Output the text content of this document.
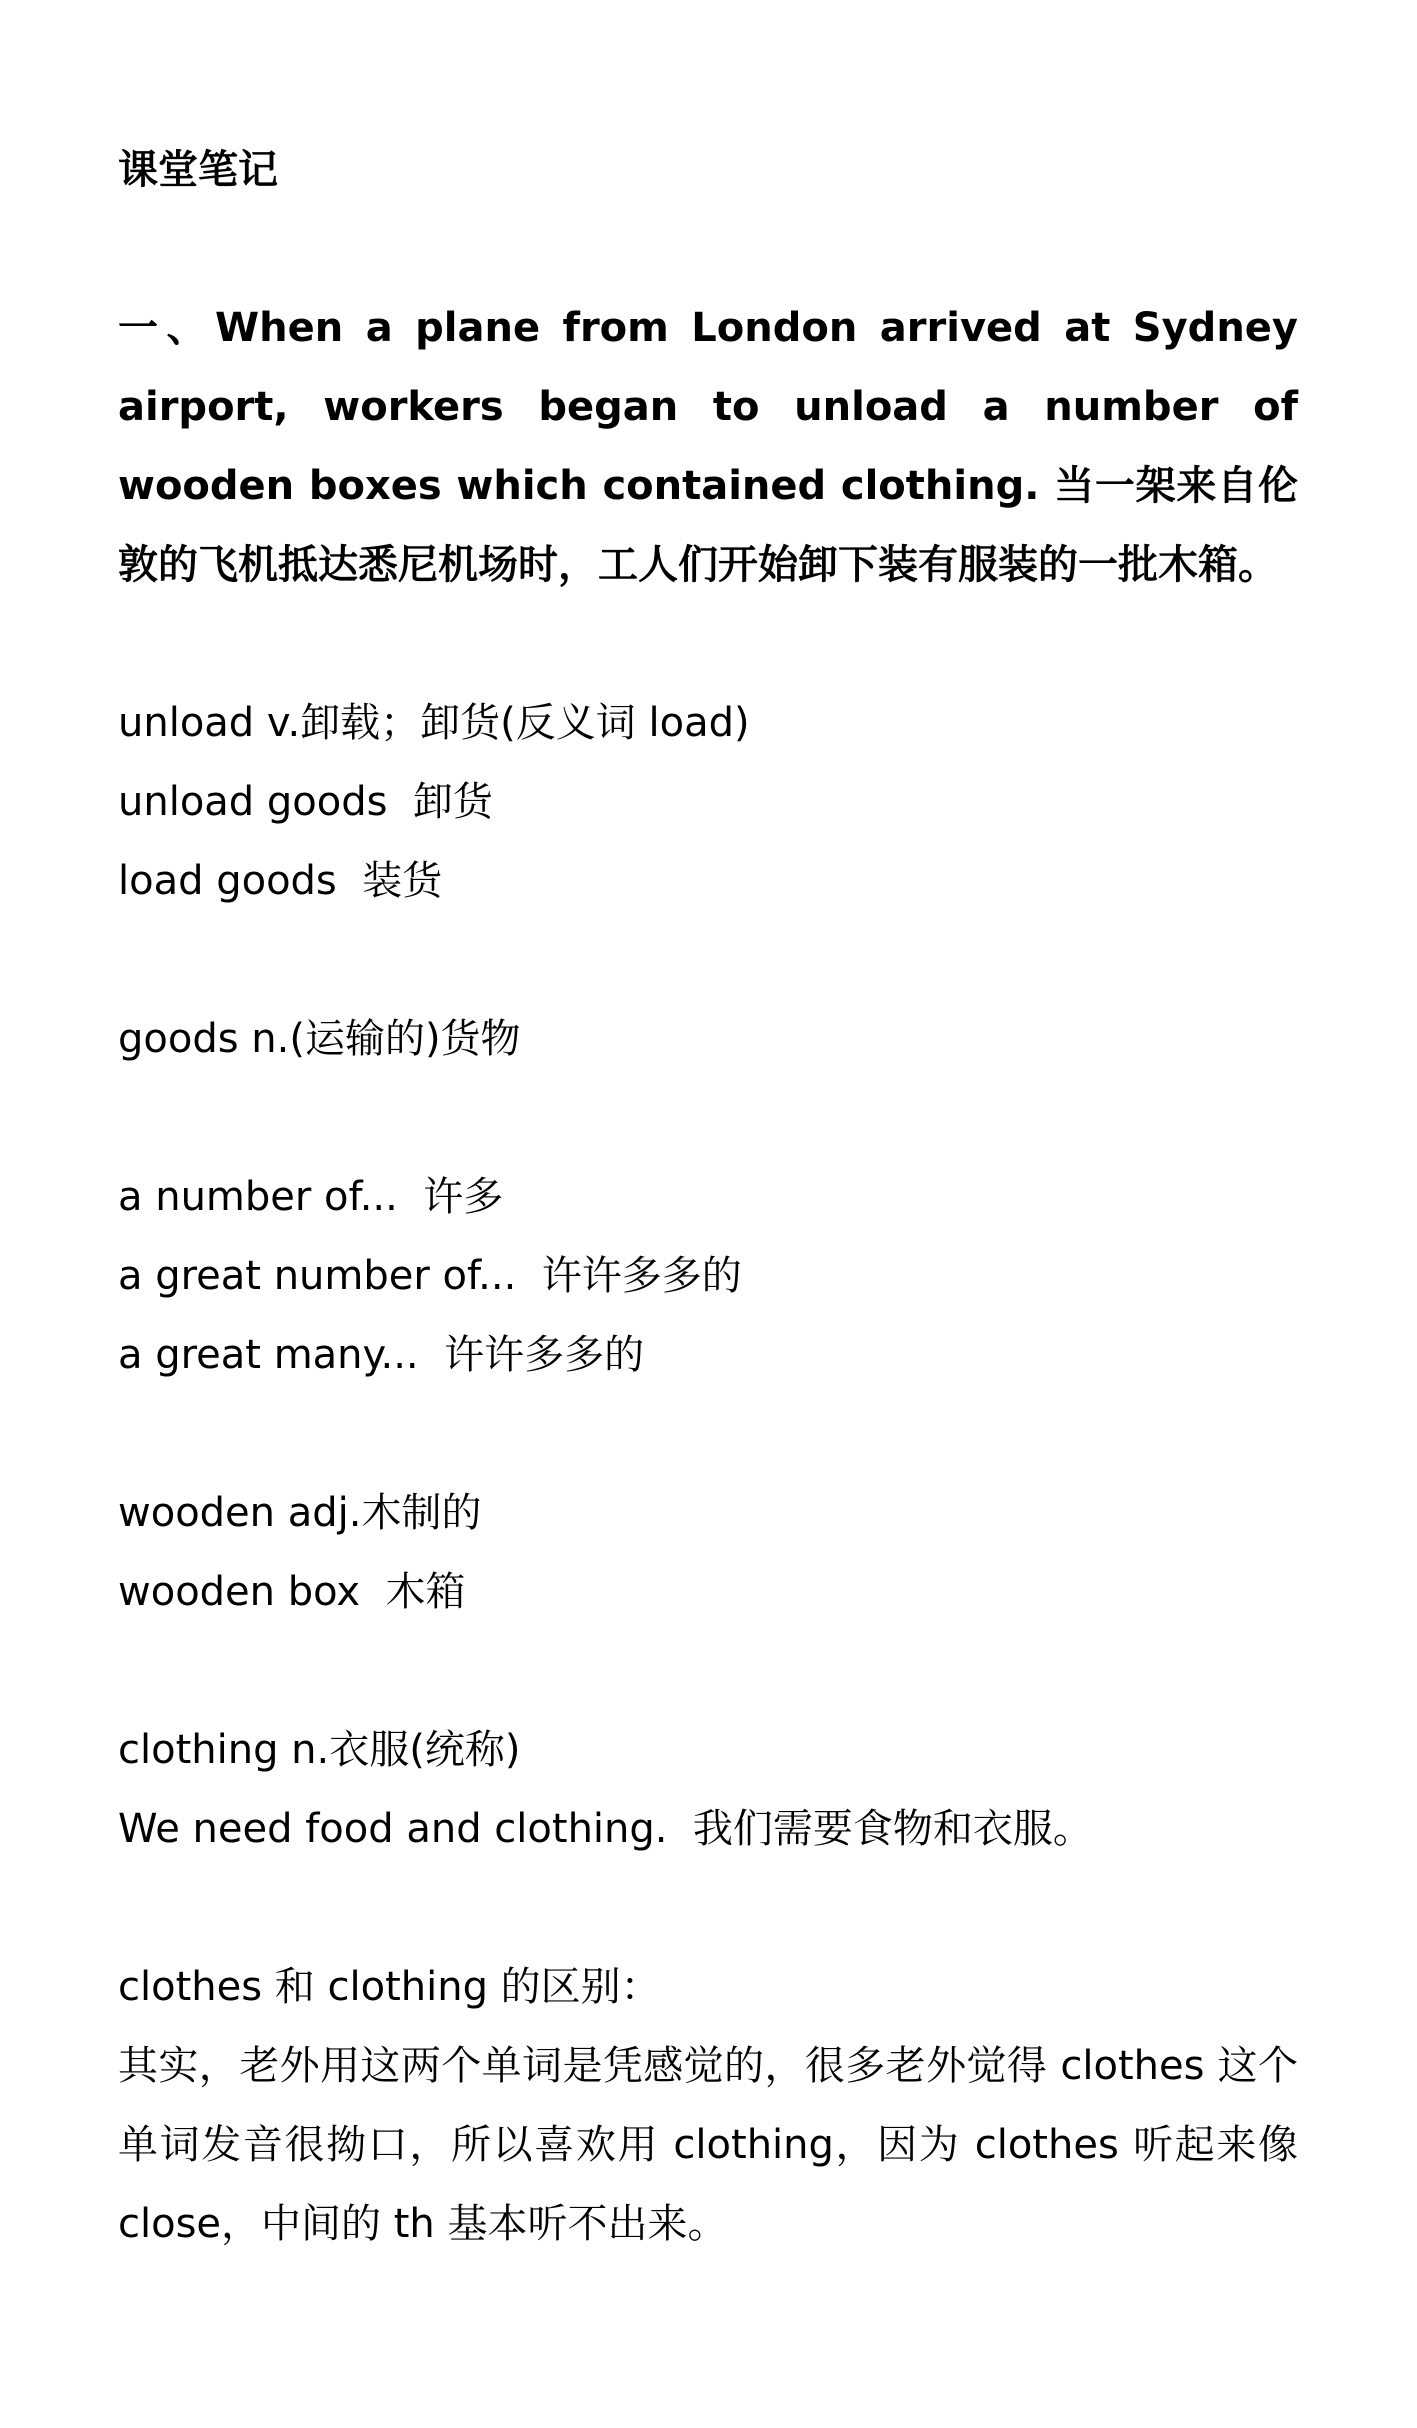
课堂笔记

一、When a plane from London arrived at Sydney airport, workers began to unload a number of wooden boxes which contained clothing. 当一架来自伦敦的飞机抵达悉尼机场时，工人们开始卸下装有服装的一批木箱。

unload v.卸载；卸货(反义词 load)
unload goods  卸货
load goods  装货
goods n.(运输的)货物
a number of...  许多
a great number of...  许许多多的
a great many...  许许多多的
wooden adj.木制的
wooden box  木箱
clothing n.衣服(统称)
We need food and clothing.  我们需要食物和衣服。
clothes 和 clothing 的区别：

其实，老外用这两个单词是凭感觉的，很多老外觉得 clothes 这个单词发音很拗口，所以喜欢用 clothing，因为 clothes 听起来像 close，中间的 th 基本听不出来。
